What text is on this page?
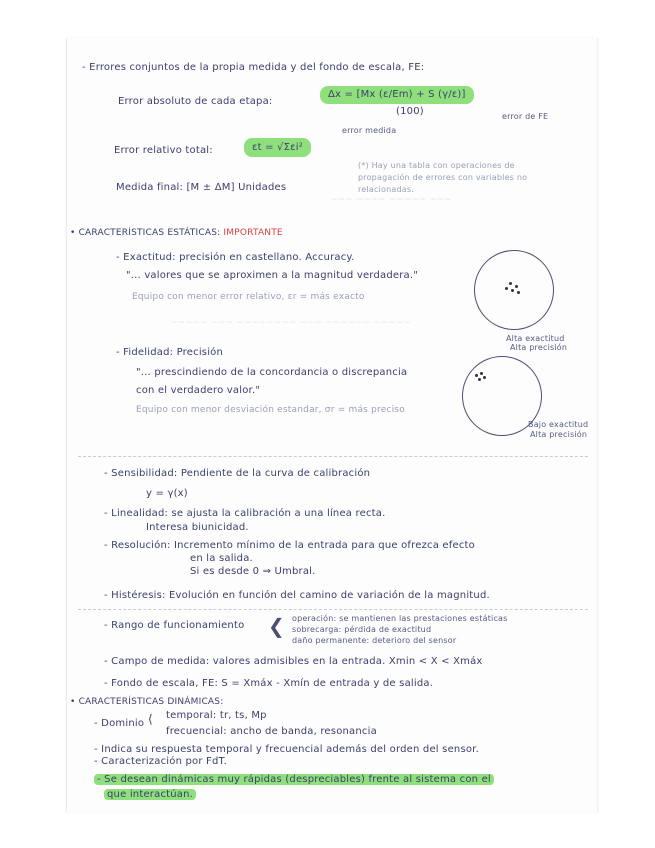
~~~ ~~~~ ~~~~~ ~~~
~~~~~ ~~~ ~~~~~~~~ ~~~ ~~~~~~ ~~~~~
- Errores conjuntos de la propia medida y del fondo de escala, FE:
Error absoluto de cada etapa:
Δx = [Mx (ε/Em) + S (γ/ε)]
(100)	error de FE
error medida
Error relativo total:	εt = √Σεi²
Medida final: [M ± ΔM] Unidades
(*) Hay una tabla con operaciones de propagación de errores con variables no relacionadas.
• CARACTERÍSTICAS ESTÁTICAS: IMPORTANTE
- Exactitud: precisión en castellano. Accuracy.
"... valores que se aproximen a la magnitud verdadera."
Equipo con menor error relativo, εr = más exacto
Alta exactitud
Alta precisión
- Fidelidad: Precisión
"... prescindiendo de la concordancia o discrepancia
con el verdadero valor."
Equipo con menor desviación estandar, σr = más preciso
Bajo exactitud
Alta precisión
- Sensibilidad: Pendiente de la curva de calibración
y = γ(x)
- Linealidad: se ajusta la calibración a una línea recta.
Interesa biunicidad.
- Resolución: Incremento mínimo de la entrada para que ofrezca efecto
en la salida.
Si es desde 0 ⇒ Umbral.
- Histéresis: Evolución en función del camino de variación de la magnitud.
- Rango de funcionamiento ❮ operación: se mantienen las prestaciones estáticas
sobrecarga: pérdida de exactitud
daño permanente: deterioro del sensor
- Campo de medida: valores admisibles en la entrada. Xmin < X < Xmáx
- Fondo de escala, FE: S = Xmáx - Xmín de entrada y de salida.
• CARACTERÍSTICAS DINÁMICAS:
- Dominio ⟨ temporal: tr, ts, Mp
frecuencial: ancho de banda, resonancia
- Indica su respuesta temporal y frecuencial además del orden del sensor.
- Caracterización por FdT.
- Se desean dinámicas muy rápidas (despreciables) frente al sistema con el
que interactúan.
